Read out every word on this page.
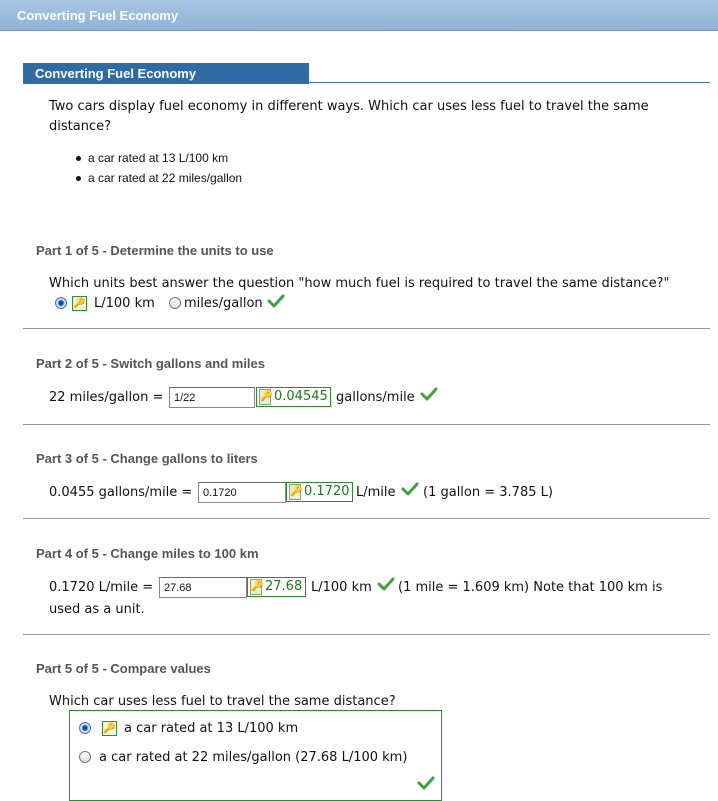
Converting Fuel Economy
Converting Fuel Economy
Two cars display fuel economy in different ways. Which car uses less fuel to travel the same
distance?
a car rated at 13 L/100 km
a car rated at 22 miles/gallon
Part 1 of 5 - Determine the units to use
Which units best answer the question "how much fuel is required to travel the same distance?"
🔑 L/100 km miles/gallon
Part 2 of 5 - Switch gallons and miles
22 miles/gallon =
1/22	🔑 0.04545 gallons/mile
Part 3 of 5 - Change gallons to liters
0.0455 gallons/mile =
0.1720	🔑 0.1720 L/mile (1 gallon = 3.785 L)
Part 4 of 5 - Change miles to 100 km
0.1720 L/mile =
27.68	🔑 27.68 L/100 km (1 mile = 1.609 km) Note that 100 km is
used as a unit.
Part 5 of 5 - Compare values
Which car uses less fuel to travel the same distance?
🔑 a car rated at 13 L/100 km
a car rated at 22 miles/gallon (27.68 L/100 km)
